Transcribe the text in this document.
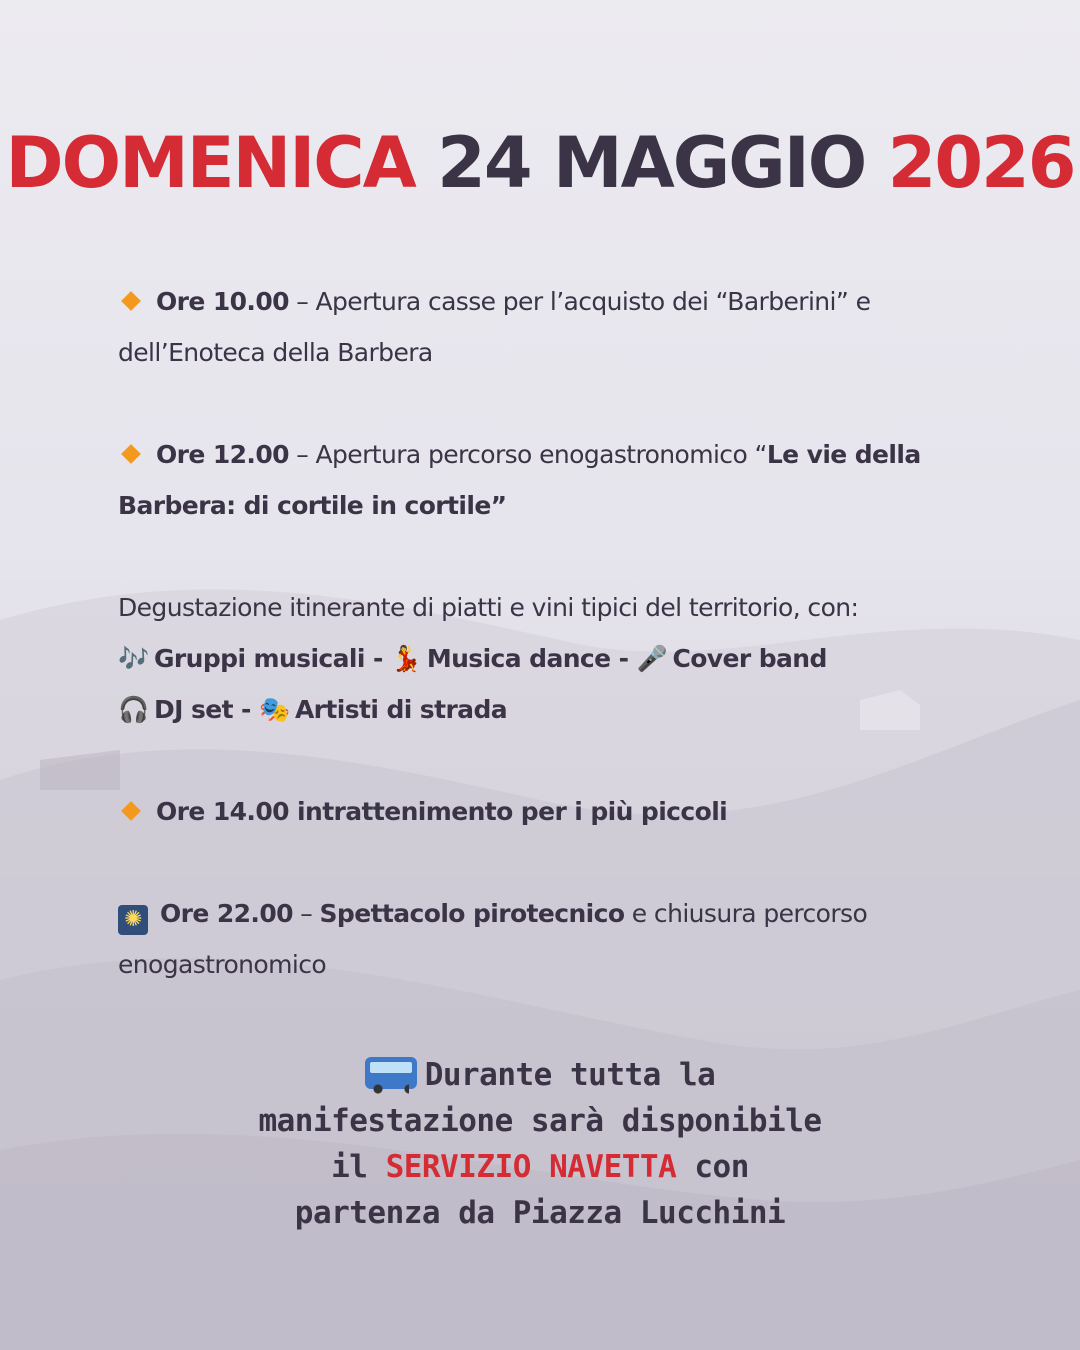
DOMENICA 24 MAGGIO 2026

Ore 10.00 – Apertura casse per l’acquisto dei “Barberini” e
dell’Enoteca della Barbera

Ore 12.00 – Apertura percorso enogastronomico “Le vie della
Barbera: di cortile in cortile”

Degustazione itinerante di piatti e vini tipici del territorio, con:

🎶 Gruppi musicali - 💃 Musica dance - 🎤 Cover band

🎧 DJ set - 🎭 Artisti di strada

Ore 14.00 intrattenimento per i più piccoli

✺ Ore 22.00 – Spettacolo pirotecnico e chiusura percorso
enogastronomico

Durante tutta la

manifestazione sarà disponibile

il SERVIZIO NAVETTA con

partenza da Piazza Lucchini
